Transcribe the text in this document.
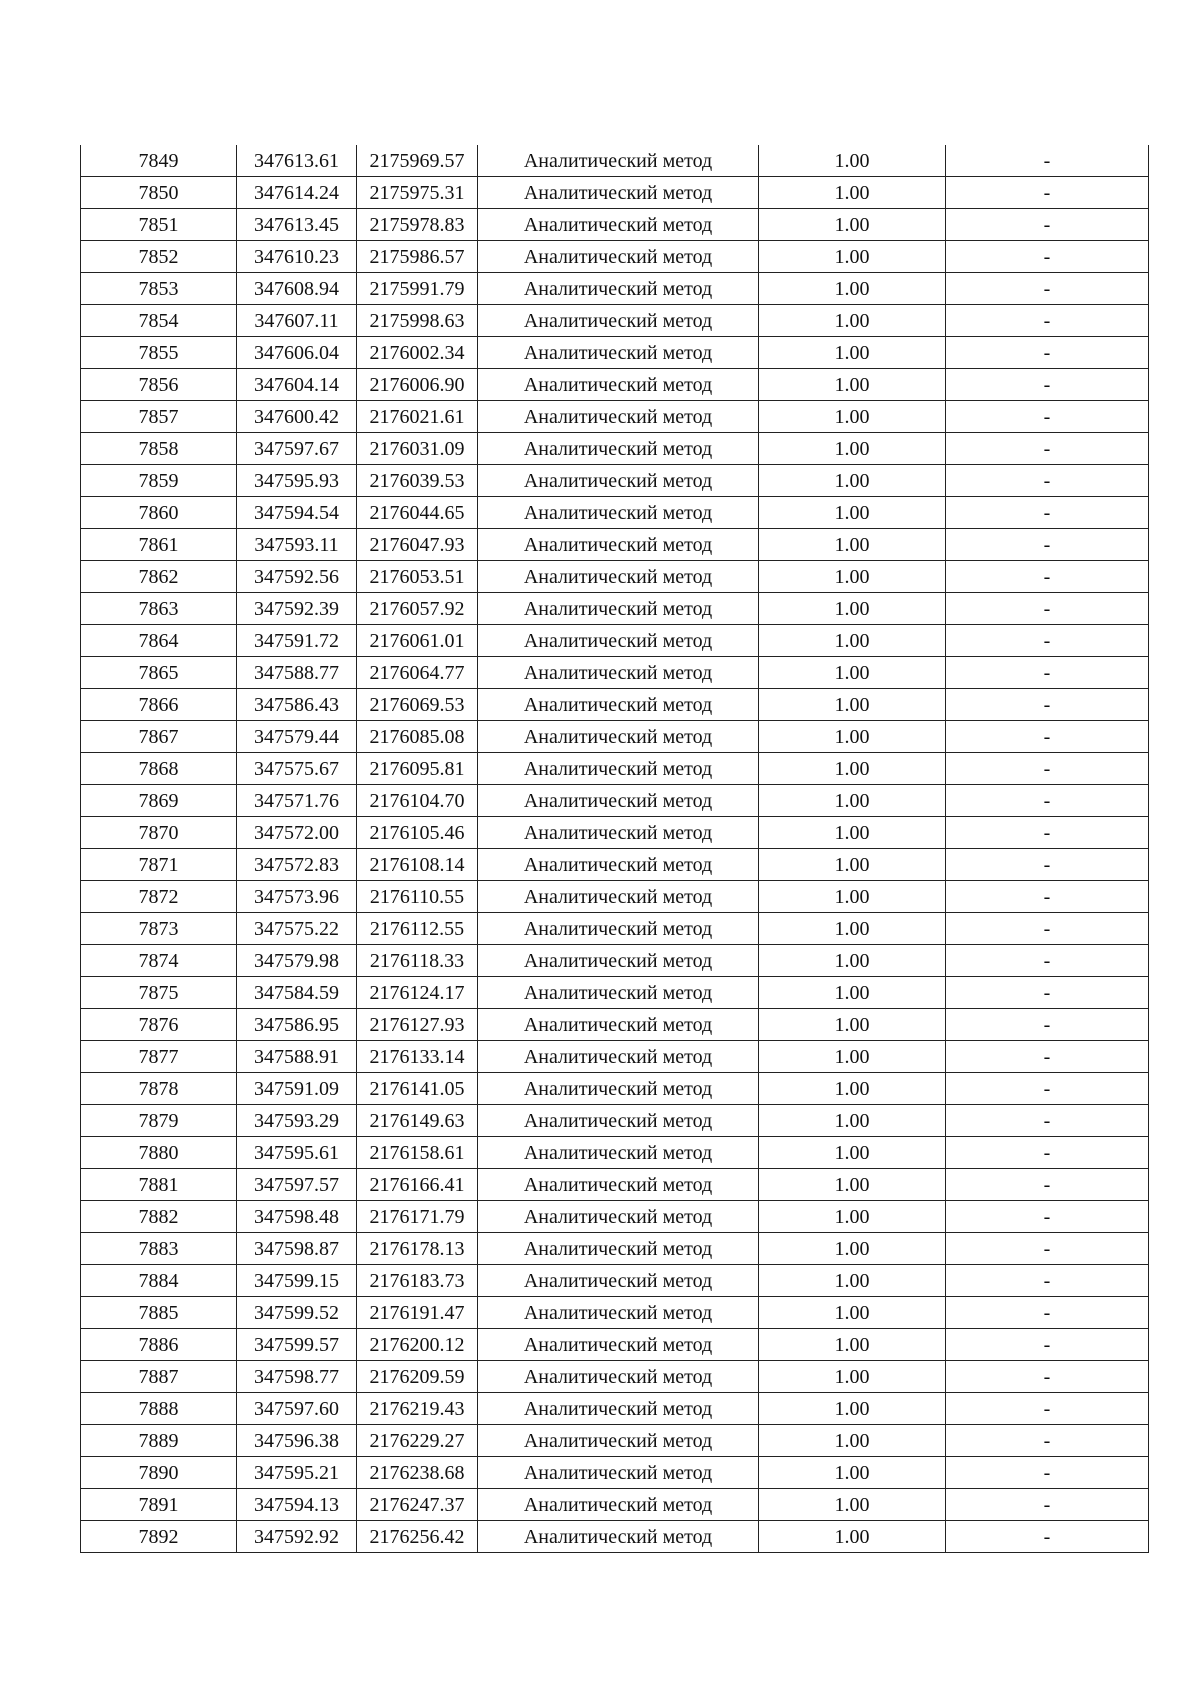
7849	347613.61	2175969.57	Аналитический метод	1.00	-
7850	347614.24	2175975.31	Аналитический метод	1.00	-
7851	347613.45	2175978.83	Аналитический метод	1.00	-
7852	347610.23	2175986.57	Аналитический метод	1.00	-
7853	347608.94	2175991.79	Аналитический метод	1.00	-
7854	347607.11	2175998.63	Аналитический метод	1.00	-
7855	347606.04	2176002.34	Аналитический метод	1.00	-
7856	347604.14	2176006.90	Аналитический метод	1.00	-
7857	347600.42	2176021.61	Аналитический метод	1.00	-
7858	347597.67	2176031.09	Аналитический метод	1.00	-
7859	347595.93	2176039.53	Аналитический метод	1.00	-
7860	347594.54	2176044.65	Аналитический метод	1.00	-
7861	347593.11	2176047.93	Аналитический метод	1.00	-
7862	347592.56	2176053.51	Аналитический метод	1.00	-
7863	347592.39	2176057.92	Аналитический метод	1.00	-
7864	347591.72	2176061.01	Аналитический метод	1.00	-
7865	347588.77	2176064.77	Аналитический метод	1.00	-
7866	347586.43	2176069.53	Аналитический метод	1.00	-
7867	347579.44	2176085.08	Аналитический метод	1.00	-
7868	347575.67	2176095.81	Аналитический метод	1.00	-
7869	347571.76	2176104.70	Аналитический метод	1.00	-
7870	347572.00	2176105.46	Аналитический метод	1.00	-
7871	347572.83	2176108.14	Аналитический метод	1.00	-
7872	347573.96	2176110.55	Аналитический метод	1.00	-
7873	347575.22	2176112.55	Аналитический метод	1.00	-
7874	347579.98	2176118.33	Аналитический метод	1.00	-
7875	347584.59	2176124.17	Аналитический метод	1.00	-
7876	347586.95	2176127.93	Аналитический метод	1.00	-
7877	347588.91	2176133.14	Аналитический метод	1.00	-
7878	347591.09	2176141.05	Аналитический метод	1.00	-
7879	347593.29	2176149.63	Аналитический метод	1.00	-
7880	347595.61	2176158.61	Аналитический метод	1.00	-
7881	347597.57	2176166.41	Аналитический метод	1.00	-
7882	347598.48	2176171.79	Аналитический метод	1.00	-
7883	347598.87	2176178.13	Аналитический метод	1.00	-
7884	347599.15	2176183.73	Аналитический метод	1.00	-
7885	347599.52	2176191.47	Аналитический метод	1.00	-
7886	347599.57	2176200.12	Аналитический метод	1.00	-
7887	347598.77	2176209.59	Аналитический метод	1.00	-
7888	347597.60	2176219.43	Аналитический метод	1.00	-
7889	347596.38	2176229.27	Аналитический метод	1.00	-
7890	347595.21	2176238.68	Аналитический метод	1.00	-
7891	347594.13	2176247.37	Аналитический метод	1.00	-
7892	347592.92	2176256.42	Аналитический метод	1.00	-
